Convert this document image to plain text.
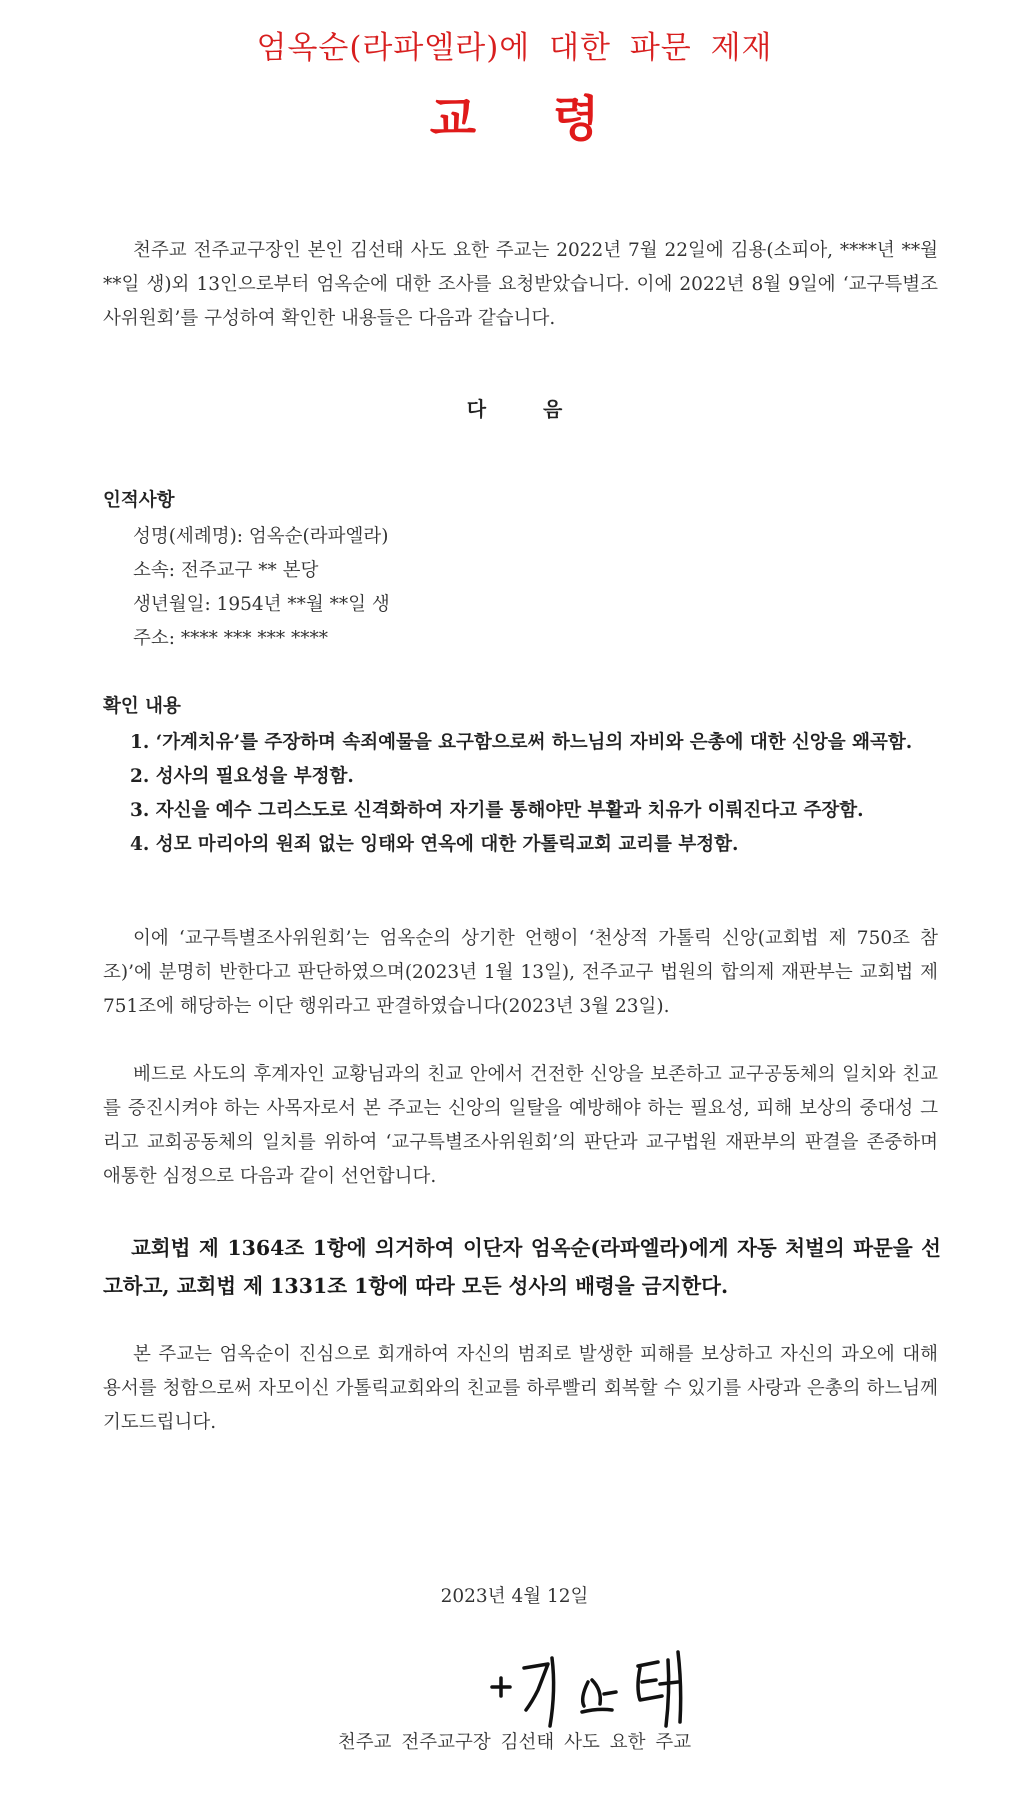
엄옥순(라파엘라)에 대한 파문 제재
교 령

천주교 전주교구장인 본인 김선태 사도 요한 주교는 2022년 7월 22일에 김용(소피아, ****년 **월 **일 생)외 13인으로부터 엄옥순에 대한 조사를 요청받았습니다. 이에 2022년 8월 9일에 ‘교구특별조사위원회’를 구성하여 확인한 내용들은 다음과 같습니다.

다 음
인적사항
성명(세례명): 엄옥순(라파엘라)
소속: 전주교구 ** 본당
생년월일: 1954년 **월 **일 생
주소: **** *** *** ****
확인 내용
1. ‘가계치유’를 주장하며 속죄예물을 요구함으로써 하느님의 자비와 은총에 대한 신앙을 왜곡함.
2. 성사의 필요성을 부정함.
3. 자신을 예수 그리스도로 신격화하여 자기를 통해야만 부활과 치유가 이뤄진다고 주장함.
4. 성모 마리아의 원죄 없는 잉태와 연옥에 대한 가톨릭교회 교리를 부정함.

이에 ‘교구특별조사위원회’는 엄옥순의 상기한 언행이 ‘천상적 가톨릭 신앙(교회법 제 750조 참조)’에 분명히 반한다고 판단하였으며(2023년 1월 13일), 전주교구 법원의 합의제 재판부는 교회법 제 751조에 해당하는 이단 행위라고 판결하였습니다(2023년 3월 23일).

베드로 사도의 후계자인 교황님과의 친교 안에서 건전한 신앙을 보존하고 교구공동체의 일치와 친교를 증진시켜야 하는 사목자로서 본 주교는 신앙의 일탈을 예방해야 하는 필요성, 피해 보상의 중대성 그리고 교회공동체의 일치를 위하여 ‘교구특별조사위원회’의 판단과 교구법원 재판부의 판결을 존중하며 애통한 심정으로 다음과 같이 선언합니다.

교회법 제 1364조 1항에 의거하여 이단자 엄옥순(라파엘라)에게 자동 처벌의 파문을 선고하고, 교회법 제 1331조 1항에 따라 모든 성사의 배령을 금지한다.

본 주교는 엄옥순이 진심으로 회개하여 자신의 범죄로 발생한 피해를 보상하고 자신의 과오에 대해 용서를 청함으로써 자모이신 가톨릭교회와의 친교를 하루빨리 회복할 수 있기를 사랑과 은총의 하느님께 기도드립니다.

2023년 4월 12일
천주교 전주교구장 김선태 사도 요한 주교
